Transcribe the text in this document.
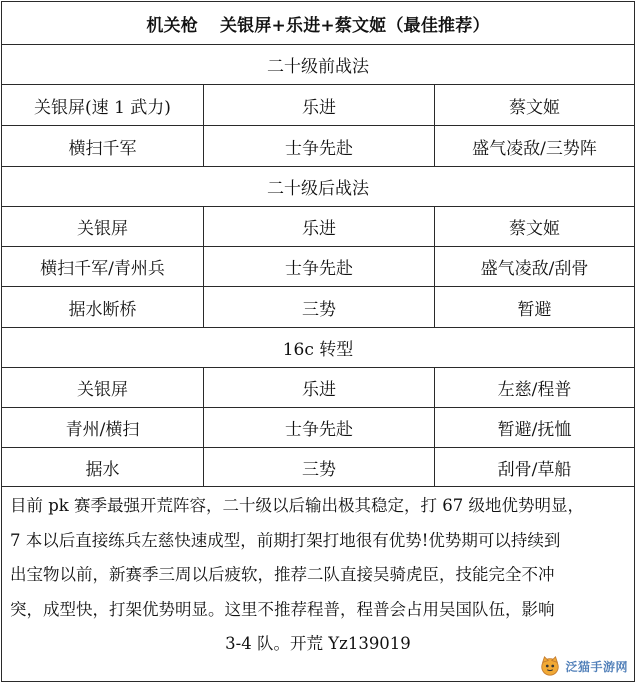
机关枪 关银屏+乐进+蔡文姬（最佳推荐）
二十级前战法
关银屏(速 1 武力)	乐进	蔡文姬
横扫千军	士争先赴	盛气凌敌/三势阵
二十级后战法
关银屏	乐进	蔡文姬
横扫千军/青州兵	士争先赴	盛气凌敌/刮骨
据水断桥	三势	暂避
16c 转型
关银屏	乐进	左慈/程普
青州/横扫	士争先赴	暂避/抚恤
据水	三势	刮骨/草船

目前 pk 赛季最强开荒阵容，二十级以后输出极其稳定，打 67 级地优势明显，

7 本以后直接练兵左慈快速成型，前期打架打地很有优势!优势期可以持续到

出宝物以前，新赛季三周以后疲软，推荐二队直接吴骑虎臣，技能完全不冲

突，成型快，打架优势明显。这里不推荐程普，程普会占用吴国队伍，影响

3-4 队。开荒 Yz139019

泛猫手游网
